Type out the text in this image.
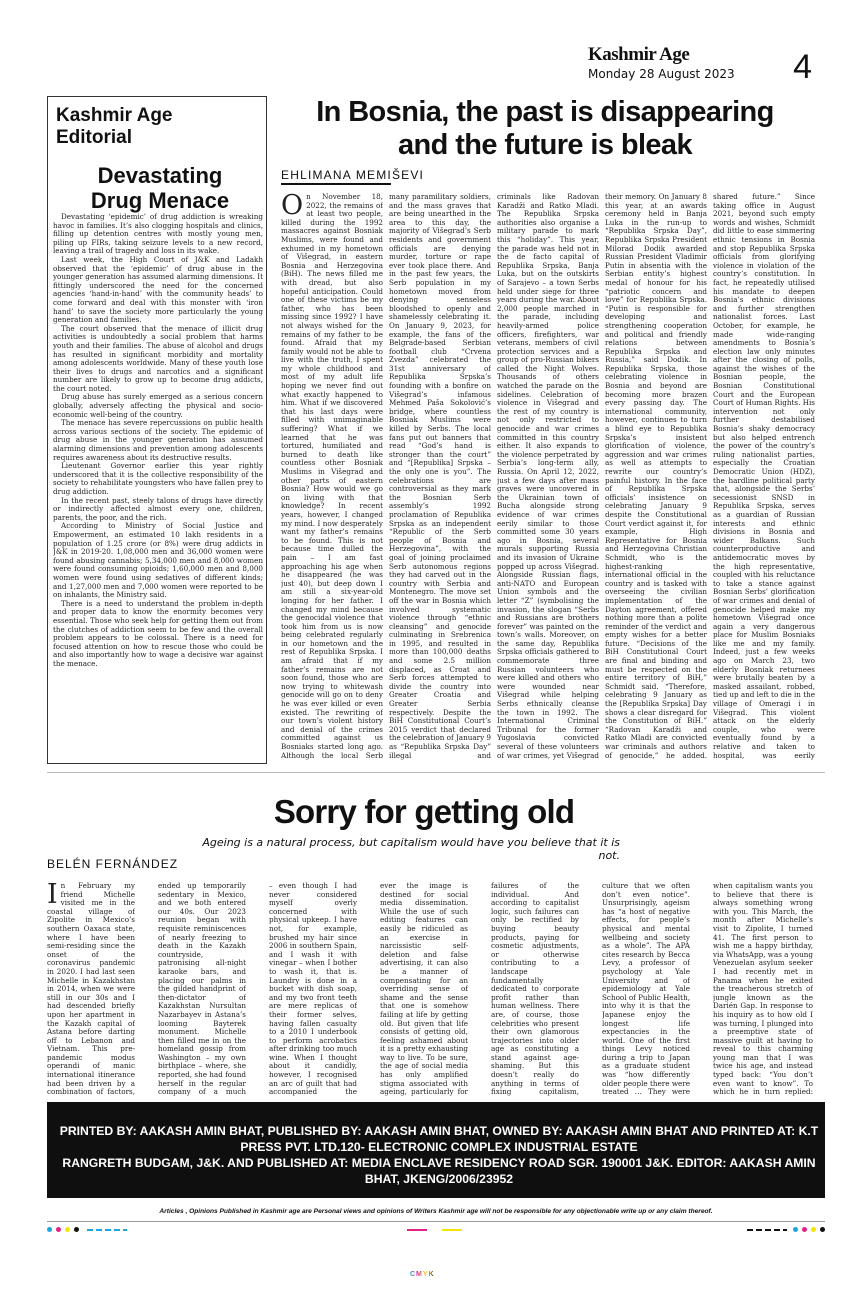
Kashmir Age
Monday 28 August 2023 4
Kashmir Age
Editorial
Devastating
Drug Menace

Devastating ‘epidemic’ of drug addiction is wreaking havoc in families. It’s also clogging hospitals and clinics, filling up detention centres with mostly young men, piling up FIRs, taking seizure levels to a new record, leaving a trail of tragedy and loss in its wake.

Last week, the High Court of J&K and Ladakh observed that the ‘epidemic’ of drug abuse in the younger generation has assumed alarming dimensions. It fittingly underscored the need for the concerned agencies ‘hand-in-hand’ with the community heads’ to come forward and deal with this monster with ‘iron hand’ to save the society more particularly the young generation and families.

The court observed that the menace of illicit drug activities is undoubtedly a social problem that harms youth and their families. The abuse of alcohol and drugs has resulted in significant morbidity and mortality among adolescents worldwide. Many of these youth lose their lives to drugs and narcotics and a significant number are likely to grow up to become drug addicts, the court noted.

Drug abuse has surely emerged as a serious concern globally, adversely affecting the physical and socio-economic well-being of the country.

The menace has severe repercussions on public health across various sections of the society. The epidemic of drug abuse in the younger generation has assumed alarming dimensions and prevention among adolescents requires awareness about its destructive results.

Lieutenant Governor earlier this year rightly underscored that it is the collective responsibility of the society to rehabilitate youngsters who have fallen prey to drug addiction.

In the recent past, steely talons of drugs have directly or indirectly affected almost every one, children, parents, the poor, and the rich.

According to Ministry of Social Justice and Empowerment, an estimated 10 lakh residents in a population of 1.25 crore (or 8%) were drug addicts in J&K in 2019-20. 1,08,000 men and 36,000 women were found abusing cannabis; 5,34,000 men and 8,000 women were found consuming opioids; 1,60,000 men and 8,000 women were found using sedatives of different kinds; and 1,27,000 men and 7,000 women were reported to be on inhalants, the Ministry said.

There is a need to understand the problem in-depth and proper data to know the enormity becomes very essential. Those who seek help for getting them out from the clutches of addiction seem to be few and the overall problem appears to be colossal. There is a need for focused attention on how to rescue those who could be and also importantly how to wage a decisive war against the menace.

In Bosnia, the past is disappearing
and the future is bleak
EHLIMANA MEMIŠEVI
On November 18, 2022, the remains of at least two people, killed during the 1992 massacres against Bosniak Muslims, were found and exhumed in my hometown of Višegrad, in eastern Bosnia and Herzegovina (BiH). The news filled me with dread, but also hopeful anticipation. Could one of these victims be my father, who has been missing since 1992? I have not always wished for the remains of my father to be found. Afraid that my family would not be able to live with the truth, I spent my whole childhood and most of my adult life hoping we never find out what exactly happened to him. What if we discovered that his last days were filled with unimaginable suffering? What if we learned that he was tortured, humiliated and burned to death like countless other Bosniak Muslims in Višegrad and other parts of eastern Bosnia? How would we go on living with that knowledge? In recent years, however, I changed my mind. I now desperately want my father’s remains to be found. This is not because time dulled the pain – I am fast approaching his age when he disappeared (he was just 40), but deep down I am still a six-year-old longing for her father. I changed my mind because the genocidal violence that took him from us is now being celebrated regularly in our hometown and the rest of Republika Srpska. I am afraid that if my father’s remains are not soon found, those who are now trying to whitewash genocide will go on to deny he was ever killed or even existed. The rewriting of our town’s violent history and denial of the crimes committed against us Bosniaks started long ago. Although the local Serb
many paramilitary soldiers, and the mass graves that are being unearthed in the area to this day, the majority of Višegrad’s Serb residents and government officials are denying murder, torture or rape ever took place there. And in the past few years, the Serb population in my hometown moved from denying senseless bloodshed to openly and shamelessly celebrating it. On January 9, 2023, for example, the fans of the Belgrade-based Serbian football club “Crvena Zvezda” celebrated the 31st anniversary of Republika Srpska’s founding with a bonfire on Višegrad’s infamous Mehmed Paša Sokolović’s bridge, where countless Bosniak Muslims were killed by Serbs. The local fans put out banners that read “God’s hand is stronger than the court” and “[Republika] Srpska – the only one is you”. The celebrations are controversial as they mark the Bosnian Serb assembly’s 1992 proclamation of Republika Srpska as an independent “Republic of the Serb people of Bosnia and Herzegovina”, with the goal of joining proclaimed Serb autonomous regions they had carved out in the country with Serbia and Montenegro. The move set off the war in Bosnia which involved systematic violence through “ethnic cleansing” and genocide culminating in Srebrenica in 1995, and resulted in more than 100,000 deaths and some 2.5 million displaced, as Croat and Serb forces attempted to divide the country into Greater Croatia and Greater Serbia respectively. Despite the BiH Constitutional Court’s 2015 verdict that declared the celebration of January 9 as “Republika Srpska Day” illegal and
criminals like Radovan Karadži and Ratko Mladi. The Republika Srpska authorities also organise a military parade to mark this “holiday”. This year, the parade was held not in the de facto capital of Republika Srpska, Banja Luka, but on the outskirts of Sarajevo – a town Serbs held under siege for three years during the war. About 2,000 people marched in the parade, including heavily-armed police officers, firefighters, war veterans, members of civil protection services and a group of pro-Russian bikers called the Night Wolves. Thousands of others watched the parade on the sidelines. Celebration of violence in Višegrad and the rest of my country is not only restricted to genocide and war crimes committed in this country either. It also expands to the violence perpetrated by Serbia’s long-term ally, Russia. On April 12, 2022, just a few days after mass graves were uncovered in the Ukrainian town of Bucha alongside strong evidence of war crimes eerily similar to those committed some 30 years ago in Bosnia, several murals supporting Russia and its invasion of Ukraine popped up across Višegrad. Alongside Russian flags, anti-NATO and European Union symbols and the letter “Z” (symbolising the invasion, the slogan “Serbs and Russians are brothers forever” was painted on the town’s walls. Moreover, on the same day, Republika Srpska officials gathered to commemorate three Russian volunteers who were killed and others who were wounded near Višegrad while helping Serbs ethnically cleanse the town in 1992. The International Criminal Tribunal for the former Yugoslavia convicted several of these volunteers of war crimes, yet Višegrad
their memory. On January 8 this year, at an awards ceremony held in Banja Luka in the run-up to “Republika Srpska Day”, Republika Srpska President Milorad Dodik awarded Russian President Vladimir Putin in absentia with the Serbian entity’s highest medal of honour for his “patriotic concern and love” for Republika Srpska. “Putin is responsible for developing and strengthening cooperation and political and friendly relations between Republika Srpska and Russia,” said Dodik. In Republika Srpska, those celebrating violence in Bosnia and beyond are becoming more brazen every passing day. The international community, however, continues to turn a blind eye to Republika Srpska’s insistent glorification of violence, aggression and war crimes as well as attempts to rewrite our country’s painful history. In the face of Republika Srpska officials’ insistence on celebrating January 9 despite the Constitutional Court verdict against it, for example, High Representative for Bosnia and Herzegovina Christian Schmidt, who is the highest-ranking international official in the country and is tasked with overseeing the civilian implementation of the Dayton agreement, offered nothing more than a polite reminder of the verdict and empty wishes for a better future. “Decisions of the BiH Constitutional Court are final and binding and must be respected on the entire territory of BiH,” Schmidt said. “Therefore, celebrating 9 January as the [Republika Srpska] Day shows a clear disregard for the Constitution of BiH.” “Radovan Karadži and Ratko Mladi are convicted war criminals and authors of genocide,” he added.
shared future.” Since taking office in August 2021, beyond such empty words and wishes, Schmidt did little to ease simmering ethnic tensions in Bosnia and stop Republika Srpska officials from glorifying violence in violation of the country’s constitution. In fact, he repeatedly utilised his mandate to deepen Bosnia’s ethnic divisions and further strengthen nationalist forces. Last October, for example, he made wide-ranging amendments to Bosnia’s election law only minutes after the closing of polls, against the wishes of the Bosnian people, the Bosnian Constitutional Court and the European Court of Human Rights. His intervention not only further destabilised Bosnia’s shaky democracy but also helped entrench the power of the country’s ruling nationalist parties, especially the Croatian Democratic Union (HDZ), the hardline political party that, alongside the Serbs’ secessionist SNSD in Republika Srpska, serves as a guardian of Russian interests and ethnic divisions in Bosnia and wider Balkans. Such counterproductive and antidemocratic moves by the high representative, coupled with his reluctance to take a stance against Bosnian Serbs’ glorification of war crimes and denial of genocide helped make my hometown Višegrad once again a very dangerous place for Muslim Bosniaks like me and my family. Indeed, just a few weeks ago on March 23, two elderly Bosniak returnees were brutally beaten by a masked assailant, robbed, tied up and left to die in the village of Omeragi i in Višegrad. This violent attack on the elderly couple, who were eventually found by a relative and taken to hospital, was eerily
Sorry for getting old
Ageing is a natural process, but capitalism would have you believe that it is not.
BELÉN FERNÁNDEZ
In February my friend Michelle visited me in the coastal village of Zipolite in Mexico’s southern Oaxaca state, where I have been semi-residing since the onset of the coronavirus pandemic in 2020. I had last seen Michelle in Kazakhstan in 2014, when we were still in our 30s and I had descended briefly upon her apartment in the Kazakh capital of Astana before darting off to Lebanon and Vietnam. This pre-pandemic modus operandi of manic international itinerance had been driven by a combination of factors,
ended up temporarily sedentary in Mexico, and we both entered our 40s. Our 2023 reunion began with requisite reminiscences of nearly freezing to death in the Kazakh countryside, patronising all-night karaoke bars, and placing our palms in the gilded handprint of then-dictator of Kazakhstan Nursultan Nazarbayev in Astana’s looming Bayterek monument. Michelle then filled me in on the homeland gossip from Washington – my own birthplace – where, she reported, she had found herself in the regular company of a much
– even though I had never considered myself overly concerned with physical upkeep. I have not, for example, brushed my hair since 2006 in southern Spain, and I wash it with vinegar – when I bother to wash it, that is. Laundry is done in a bucket with dish soap, and my two front teeth are mere replicas of their former selves, having fallen casualty to a 2010 I underbook to perform acrobatics after drinking too much wine. When I thought about it candidly, however, I recognised an arc of guilt that had accompanied the
ever the image is destined for social media dissemination. While the use of such editing features can easily be ridiculed as an exercise in narcissistic self-deletion and false advertising, it can also be a manner of compensating for an overriding sense of shame and the sense that one is somehow failing at life by getting old. But given that life consists of getting old, feeling ashamed about it is a pretty exhausting way to live. To be sure, the age of social media has only amplified stigma associated with ageing, particularly for
failures of the individual. And according to capitalist logic, such failures can only be rectified by buying beauty products, paying for cosmetic adjustments, or otherwise contributing to a landscape fundamentally dedicated to corporate profit rather than human wellness. There are, of course, those celebrities who present their own glamorous trajectories into older age as constituting a stand against age-shaming. But this doesn’t really do anything in terms of fixing capitalism,
culture that we often don’t even notice”. Unsurprisingly, ageism has “a host of negative effects, for people’s physical and mental wellbeing and society as a whole”. The APA cites research by Becca Levy, a professor of psychology at Yale University and of epidemiology at Yale School of Public Health, into why it is that the Japanese enjoy the longest life expectancies in the world. One of the first things Levy noticed during a trip to Japan as a graduate student was “how differently older people there were treated … They were
when capitalism wants you to believe that there is always something wrong with you. This March, the month after Michelle’s visit to Zipolite, I turned 41. The first person to wish me a happy birthday, via WhatsApp, was a young Venezuelan asylum seeker I had recently met in Panama when he exited the treacherous stretch of jungle known as the Darién Gap. In response to his inquiry as to how old I was turning, I plunged into a preemptive state of massive guilt at having to reveal to this charming young man that I was twice his age, and instead typed back: “You don’t even want to know”. To which he in turn replied:
PRINTED BY: AAKASH AMIN BHAT, PUBLISHED BY: AAKASH AMIN BHAT, OWNED BY: AAKASH AMIN BHAT AND PRINTED AT: K.T PRESS PVT. LTD.120- ELECTRONIC COMPLEX INDUSTRIAL ESTATE
RANGRETH BUDGAM, J&K. AND PUBLISHED AT: MEDIA ENCLAVE RESIDENCY ROAD SGR. 190001 J&K. EDITOR: AAKASH AMIN BHAT, JKENG/2006/23952
Articles , Opinions Published in Kashmir age are Personal views and opinions of Writers Kashmir age will not be responsible for any objectionable write up or any claim thereof.
CMYK
